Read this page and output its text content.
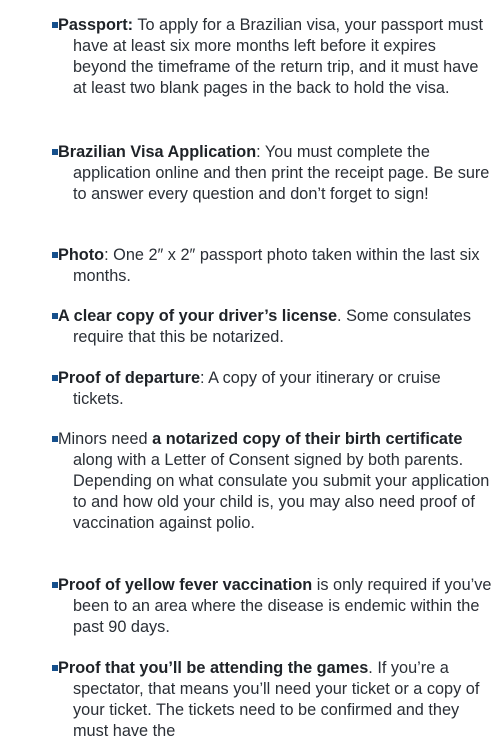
Passport: To apply for a Brazilian visa, your passport must have at least six more months left before it expires beyond the timeframe of the return trip, and it must have at least two blank pages in the back to hold the visa.
Brazilian Visa Application: You must complete the application online and then print the receipt page. Be sure to answer every question and don’t forget to sign!
Photo: One 2″ x 2″ passport photo taken within the last six months.
A clear copy of your driver’s license. Some consulates require that this be notarized.
Proof of departure: A copy of your itinerary or cruise tickets.
Minors need a notarized copy of their birth certificate along with a Letter of Consent signed by both parents. Depending on what consulate you submit your application to and how old your child is, you may also need proof of vaccination against polio.
Proof of yellow fever vaccination is only required if you’ve been to an area where the disease is endemic within the past 90 days.
Proof that you’ll be attending the games. If you’re a spectator, that means you’ll need your ticket or a copy of your ticket. The tickets need to be confirmed and they must have the
